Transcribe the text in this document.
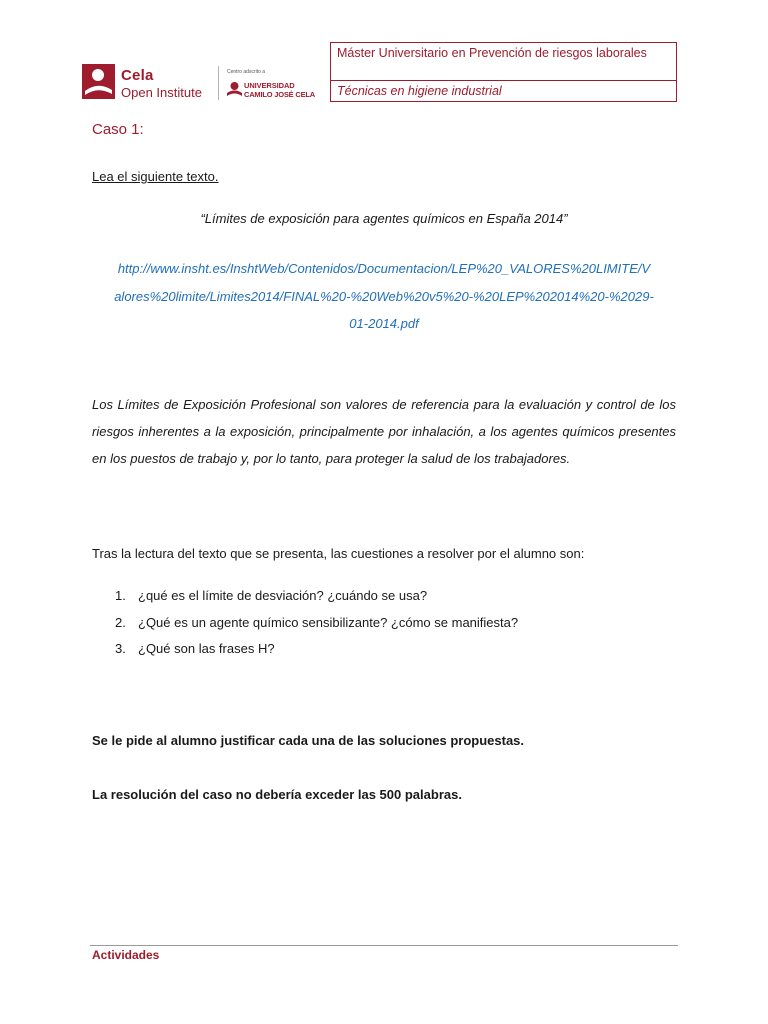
Cela
Open Institute
Centro adscrito a
UNIVERSIDAD
CAMILO JOSÉ CELA
Máster Universitario en Prevención de riesgos laborales
Técnicas en higiene industrial
Caso 1:
Lea el siguiente texto.
“Límites de exposición para agentes químicos en España 2014”
http://www.insht.es/InshtWeb/Contenidos/Documentacion/LEP%20_VALORES%20LIMITE/V
alores%20limite/Limites2014/FINAL%20-%20Web%20v5%20-%20LEP%202014%20-%2029-
01-2014.pdf
Los Límites de Exposición Profesional son valores de referencia para la evaluación y control de los riesgos inherentes a la exposición, principalmente por inhalación, a los agentes químicos presentes en los puestos de trabajo y, por lo tanto, para proteger la salud de los trabajadores.
Tras la lectura del texto que se presenta, las cuestiones a resolver por el alumno son:
1. ¿qué es el límite de desviación? ¿cuándo se usa?
2. ¿Qué es un agente químico sensibilizante? ¿cómo se manifiesta?
3. ¿Qué son las frases H?
Se le pide al alumno justificar cada una de las soluciones propuestas.
La resolución del caso no debería exceder las 500 palabras.
Actividades
